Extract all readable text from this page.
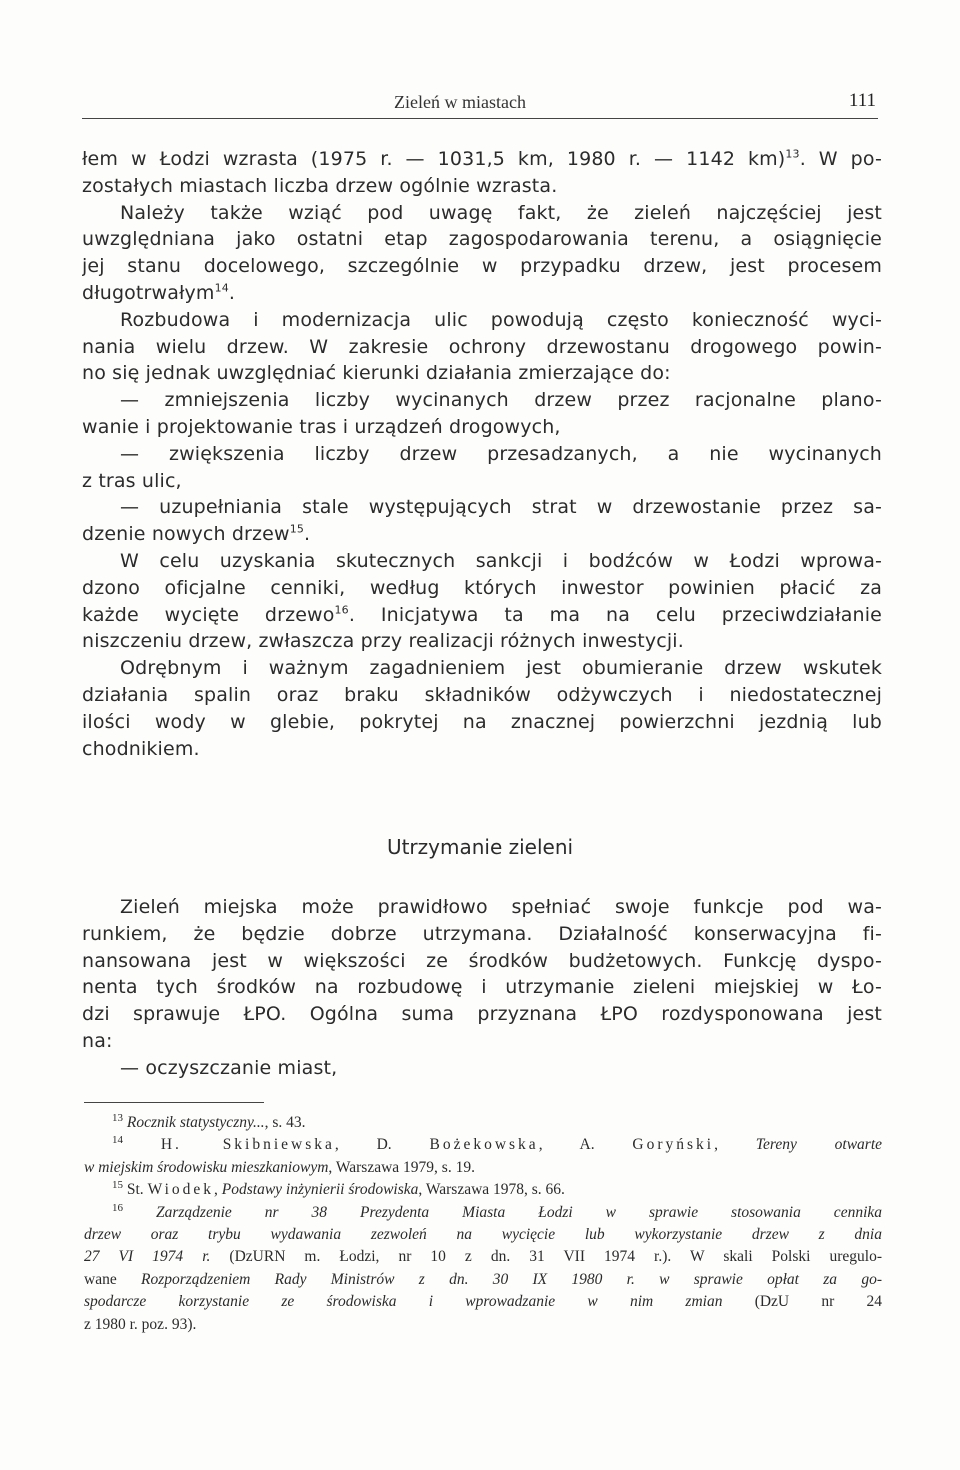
Zieleń w miastach	111
łem w Łodzi wzrasta (1975 r. — 1031,5 km, 1980 r. — 1142 km)$^{13}$. W po-
zostałych miastach liczba drzew ogólnie wzrasta.
Należy także wziąć pod uwagę fakt, że zieleń najczęściej jest
uwzględniana jako ostatni etap zagospodarowania terenu, a osiągnięcie
jej stanu docelowego, szczególnie w przypadku drzew, jest procesem
długotrwałym$^{14}$.
Rozbudowa i modernizacja ulic powodują często konieczność wyci-
nania wielu drzew. W zakresie ochrony drzewostanu drogowego powin-
no się jednak uwzględniać kierunki działania zmierzające do:
— zmniejszenia liczby wycinanych drzew przez racjonalne plano-
wanie i projektowanie tras i urządzeń drogowych,
— zwiększenia liczby drzew przesadzanych, a nie wycinanych
z tras ulic,
— uzupełniania stale występujących strat w drzewostanie przez sa-
dzenie nowych drzew$^{15}$.
W celu uzyskania skutecznych sankcji i bodźców w Łodzi wprowa-
dzono oficjalne cenniki, według których inwestor powinien płacić za
każde wycięte drzewo$^{16}$. Inicjatywa ta ma na celu przeciwdziałanie
niszczeniu drzew, zwłaszcza przy realizacji różnych inwestycji.
Odrębnym i ważnym zagadnieniem jest obumieranie drzew wskutek
działania spalin oraz braku składników odżywczych i niedostatecznej
ilości wody w glebie, pokrytej na znacznej powierzchni jezdnią lub
chodnikiem.
Utrzymanie zieleni
Zieleń miejska może prawidłowo spełniać swoje funkcje pod wa-
runkiem, że będzie dobrze utrzymana. Działalność konserwacyjna fi-
nansowana jest w większości ze środków budżetowych. Funkcję dyspo-
nenta tych środków na rozbudowę i utrzymanie zieleni miejskiej w Ło-
dzi sprawuje ŁPO. Ogólna suma przyznana ŁPO rozdysponowana jest
na:
— oczyszczanie miast,
$^{13}$ Rocznik statystyczny..., s. 43.
$^{14}$ H. Skibniewska, D. Bożekowska, A. Goryński, Tereny otwarte
w miejskim środowisku mieszkaniowym, Warszawa 1979, s. 19.
$^{15}$ St. Wiodek, Podstawy inżynierii środowiska, Warszawa 1978, s. 66.
$^{16}$ Zarządzenie nr 38 Prezydenta Miasta Łodzi w sprawie stosowania cennika
drzew oraz trybu wydawania zezwoleń na wycięcie lub wykorzystanie drzew z dnia
27 VI 1974 r. (DzURN m. Łodzi, nr 10 z dn. 31 VII 1974 r.). W skali Polski uregulo-
wane Rozporządzeniem Rady Ministrów z dn. 30 IX 1980 r. w sprawie opłat za go-
spodarcze korzystanie ze środowiska i wprowadzanie w nim zmian (DzU nr 24
z 1980 r. poz. 93).
